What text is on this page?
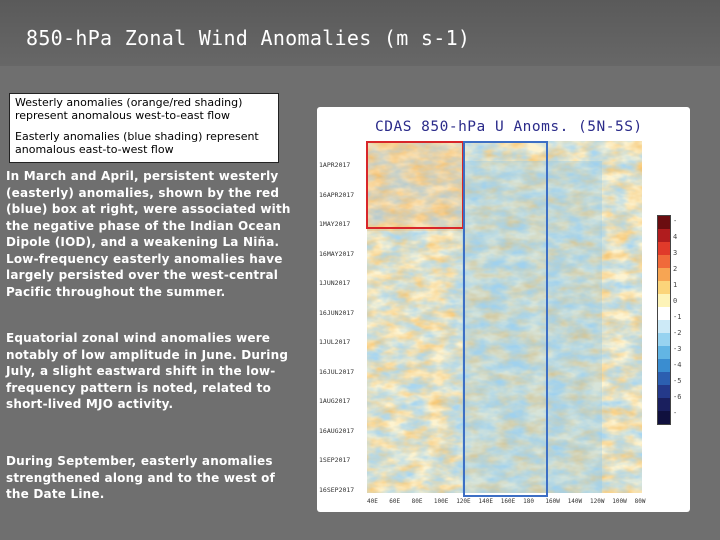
850-hPa Zonal Wind Anomalies (m s-1)
Westerly anomalies (orange/red shading) represent anomalous west-to-east flow
Easterly anomalies (blue shading) represent anomalous east-to-west flow
In March and April, persistent westerly (easterly) anomalies, shown by the red (blue) box at right, were associated with the negative phase of the Indian Ocean Dipole (IOD), and a weakening La Niña. Low-frequency easterly anomalies have largely persisted over the west-central Pacific throughout the summer.
Equatorial zonal wind anomalies were notably of low amplitude in June. During July, a slight eastward shift in the low-frequency pattern is noted, related to short-lived MJO activity.
During September, easterly anomalies strengthened along and to the west of the Date Line.
CDAS 850-hPa U Anoms. (5N-5S)
1APR2017
16APR2017
1MAY2017
16MAY2017
1JUN2017
16JUN2017
1JUL2017
16JUL2017
1AUG2017
16AUG2017
1SEP2017
16SEP2017
40E 60E 80E 100E 120E 140E 160E 180 160W 140W 120W 100W 80W
-
4
3
2
1
0
-1
-2
-3
-4
-5
-6
-
